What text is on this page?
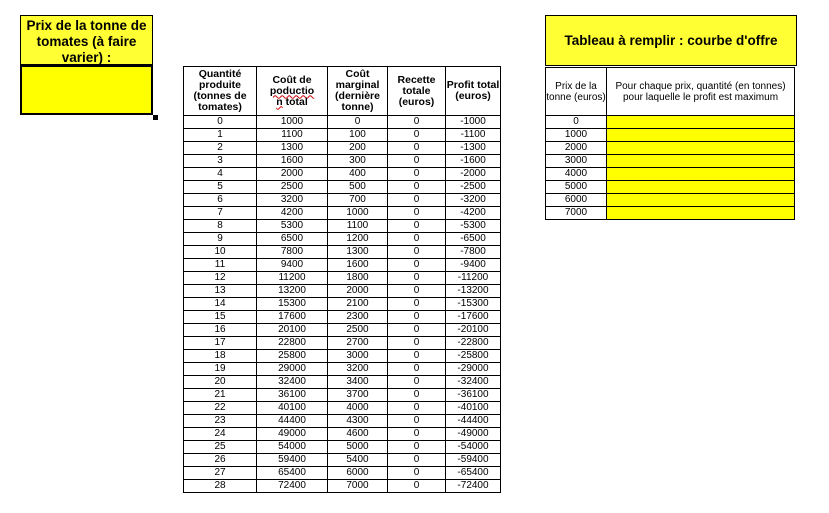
Prix de la tonne de tomates (à faire varier) :
Quantité produite (tonnes de tomates)	Coût de poductio
n total	Coût marginal (dernière tonne)	Recette totale (euros)	Profit total (euros)
0	1000	0	0	-1000
1	1100	100	0	-1100
2	1300	200	0	-1300
3	1600	300	0	-1600
4	2000	400	0	-2000
5	2500	500	0	-2500
6	3200	700	0	-3200
7	4200	1000	0	-4200
8	5300	1100	0	-5300
9	6500	1200	0	-6500
10	7800	1300	0	-7800
11	9400	1600	0	-9400
12	11200	1800	0	-11200
13	13200	2000	0	-13200
14	15300	2100	0	-15300
15	17600	2300	0	-17600
16	20100	2500	0	-20100
17	22800	2700	0	-22800
18	25800	3000	0	-25800
19	29000	3200	0	-29000
20	32400	3400	0	-32400
21	36100	3700	0	-36100
22	40100	4000	0	-40100
23	44400	4300	0	-44400
24	49000	4600	0	-49000
25	54000	5000	0	-54000
26	59400	5400	0	-59400
27	65400	6000	0	-65400
28	72400	7000	0	-72400
Tableau à remplir : courbe d'offre
Prix de la tonne (euros)	Pour chaque prix, quantité (en tonnes) pour laquelle le profit est maximum
0	
1000	
2000	
3000	
4000	
5000	
6000	
7000	
